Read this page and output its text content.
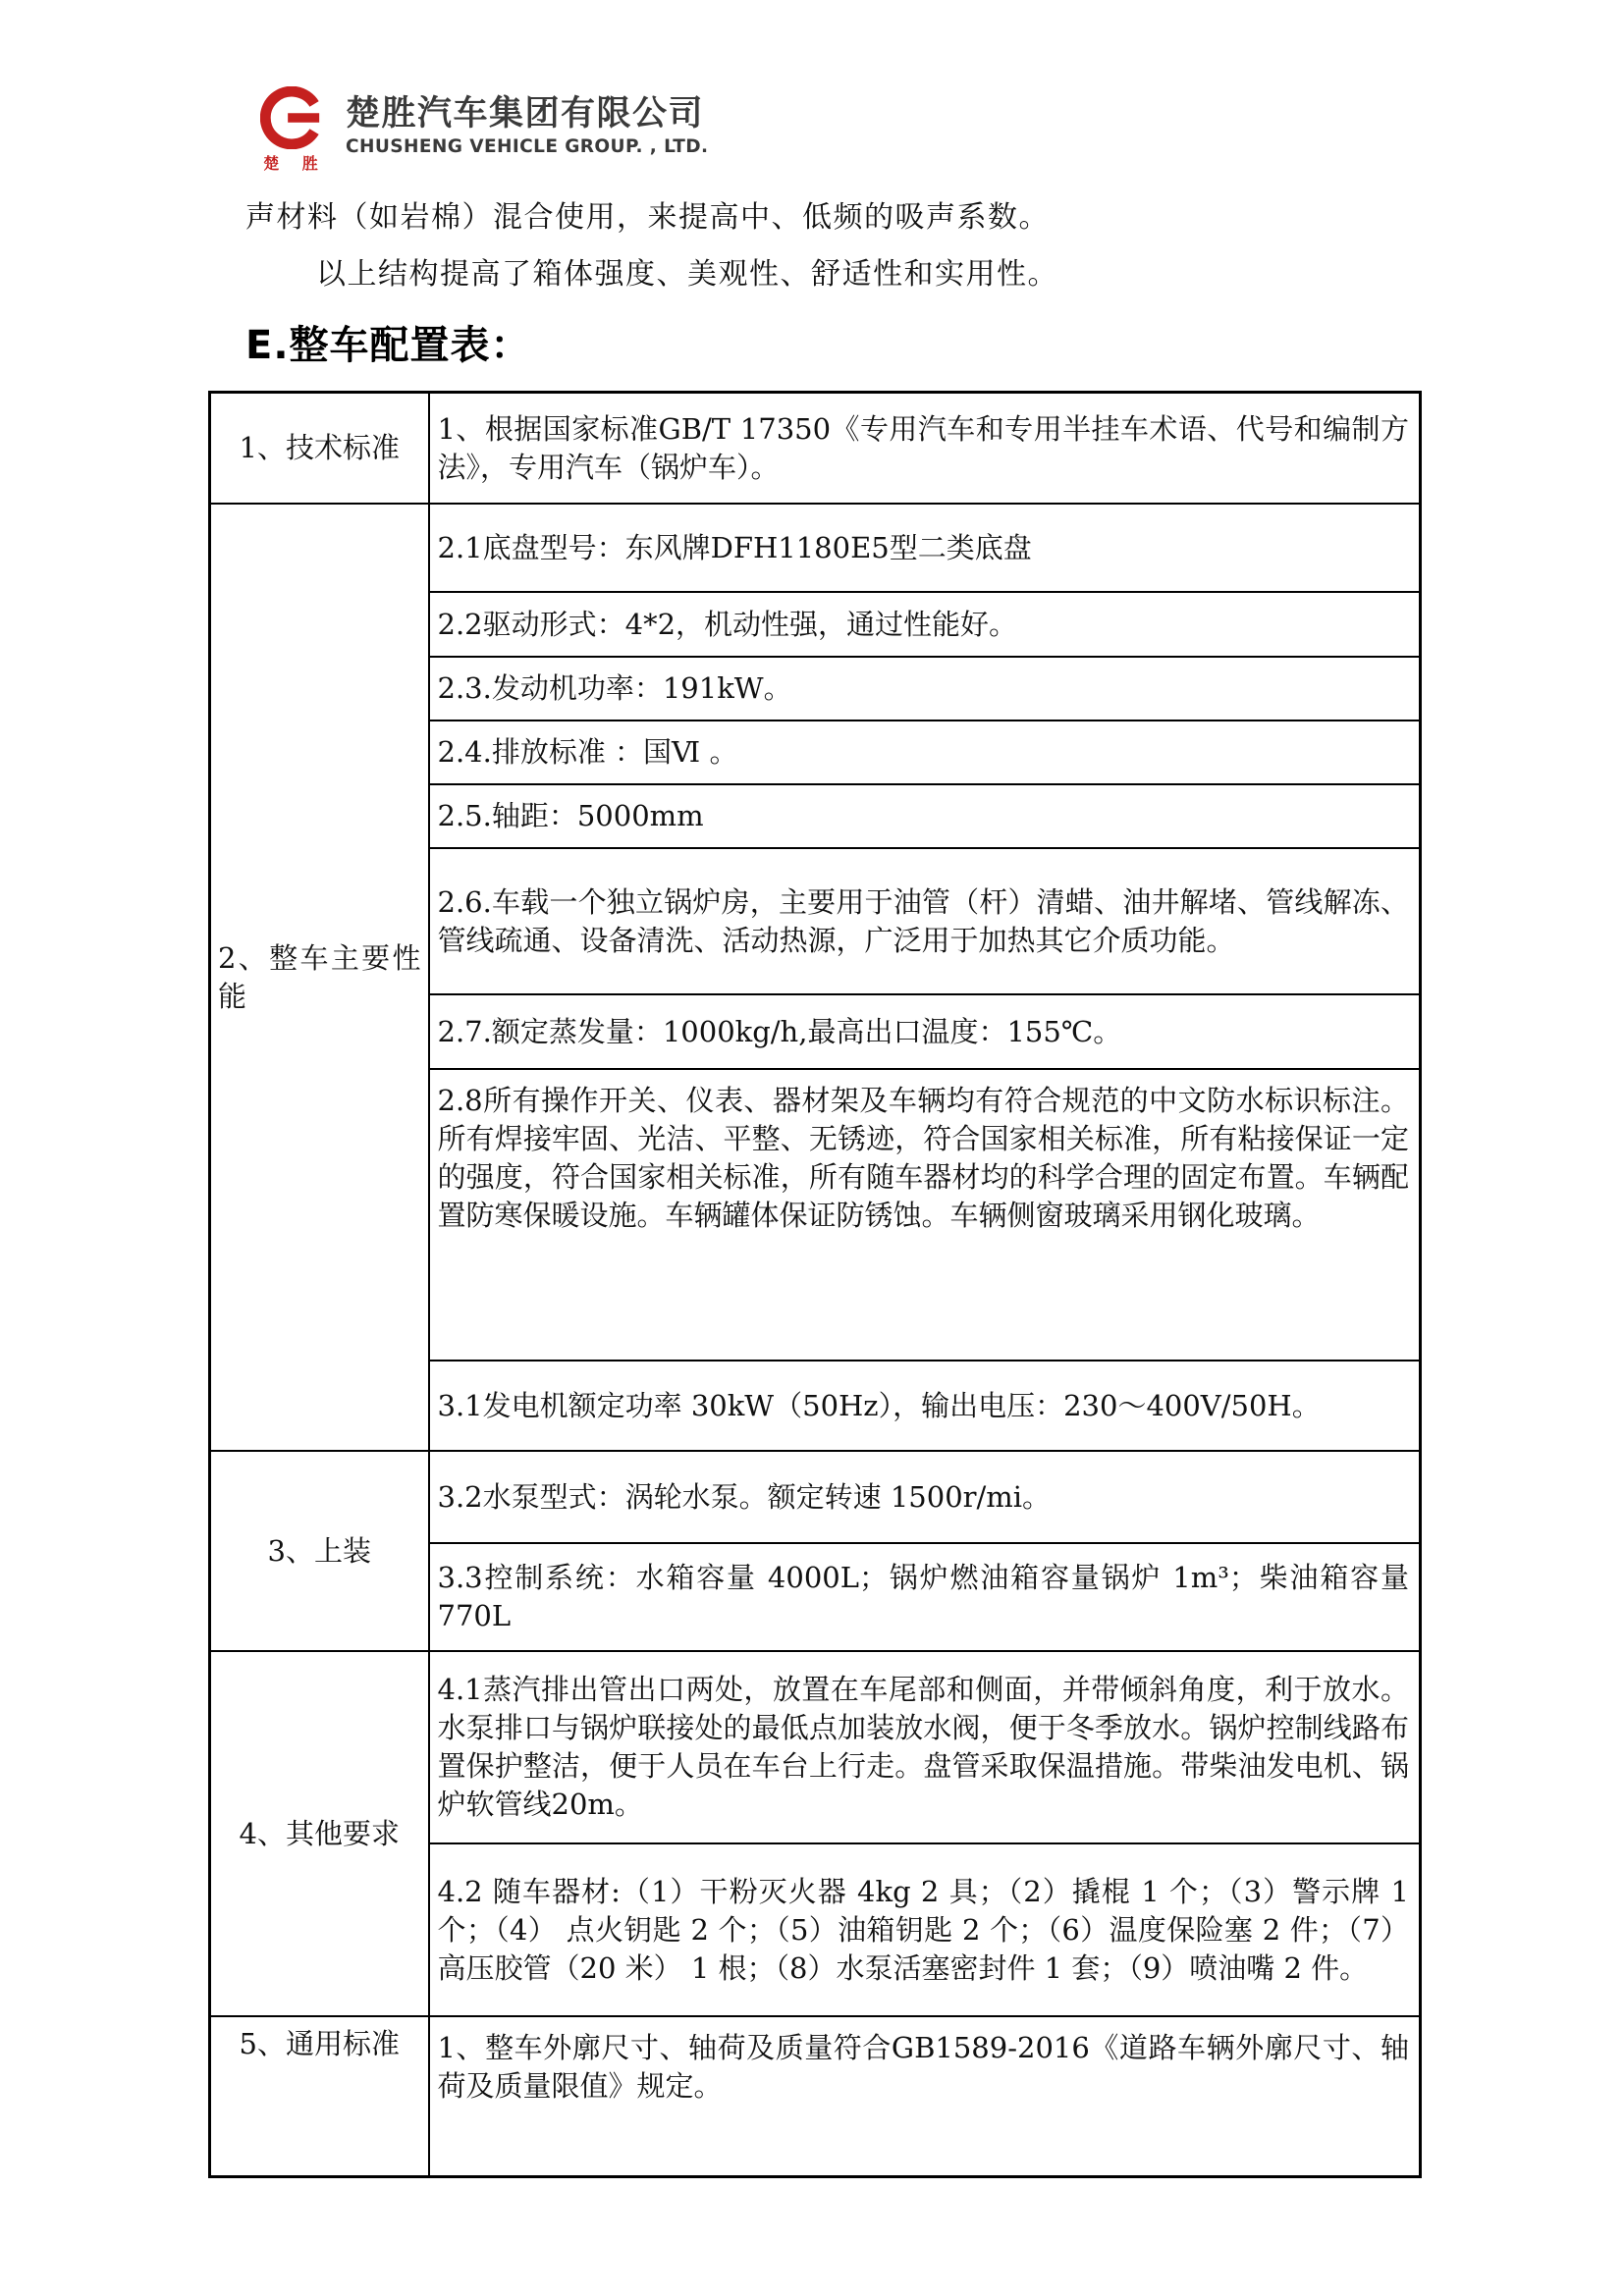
楚 胜
楚胜汽车集团有限公司
CHUSHENG VEHICLE GROUP. , LTD.
声材料（如岩棉）混合使用，来提高中、低频的吸声系数。
以上结构提高了箱体强度、美观性、舒适性和实用性。
E.整车配置表：
1、技术标准	1、根据国家标准GB/T 17350《专用汽车和专用半挂车术语、代号和编制方法》，专用汽车（锅炉车）。
2、整车主要性能	2.1底盘型号：东风牌DFH1180E5型二类底盘
	2.2驱动形式：4*2，机动性强，通过性能好。
	2.3.发动机功率：191kW。
	2.4.排放标准 ：国Ⅵ 。
	2.5.轴距：5000mm
	2.6.车载一个独立锅炉房，主要用于油管（杆）清蜡、油井解堵、管线解冻、管线疏通、设备清洗、活动热源，广泛用于加热其它介质功能。
	2.7.额定蒸发量：1000kg/h,最高出口温度：155℃。
	2.8所有操作开关、仪表、器材架及车辆均有符合规范的中文防水标识标注。所有焊接牢固、光洁、平整、无锈迹，符合国家相关标准，所有粘接保证一定的强度，符合国家相关标准，所有随车器材均的科学合理的固定布置。车辆配置防寒保暖设施。车辆罐体保证防锈蚀。车辆侧窗玻璃采用钢化玻璃。
	3.1发电机额定功率 30kW（50Hz），输出电压：230～400V/50H。
3、上装	3.2水泵型式：涡轮水泵。额定转速 1500r/mi。
	3.3控制系统：水箱容量 4000L；锅炉燃油箱容量锅炉 1m³；柴油箱容量 770L
4、其他要求	4.1蒸汽排出管出口两处，放置在车尾部和侧面，并带倾斜角度，利于放水。水泵排口与锅炉联接处的最低点加装放水阀，便于冬季放水。锅炉控制线路布置保护整洁，便于人员在车台上行走。盘管采取保温措施。带柴油发电机、锅炉软管线20m。
	4.2 随车器材:（1）干粉灭火器 4kg 2 具；（2）撬棍 1 个；（3）警示牌 1 个；（4） 点火钥匙 2 个；（5）油箱钥匙 2 个；（6）温度保险塞 2 件；（7） 高压胶管（20 米） 1 根；（8）水泵活塞密封件 1 套；（9）喷油嘴 2 件。
5、通用标准	1、整车外廓尺寸、轴荷及质量符合GB1589-2016《道路车辆外廓尺寸、轴荷及质量限值》规定。
